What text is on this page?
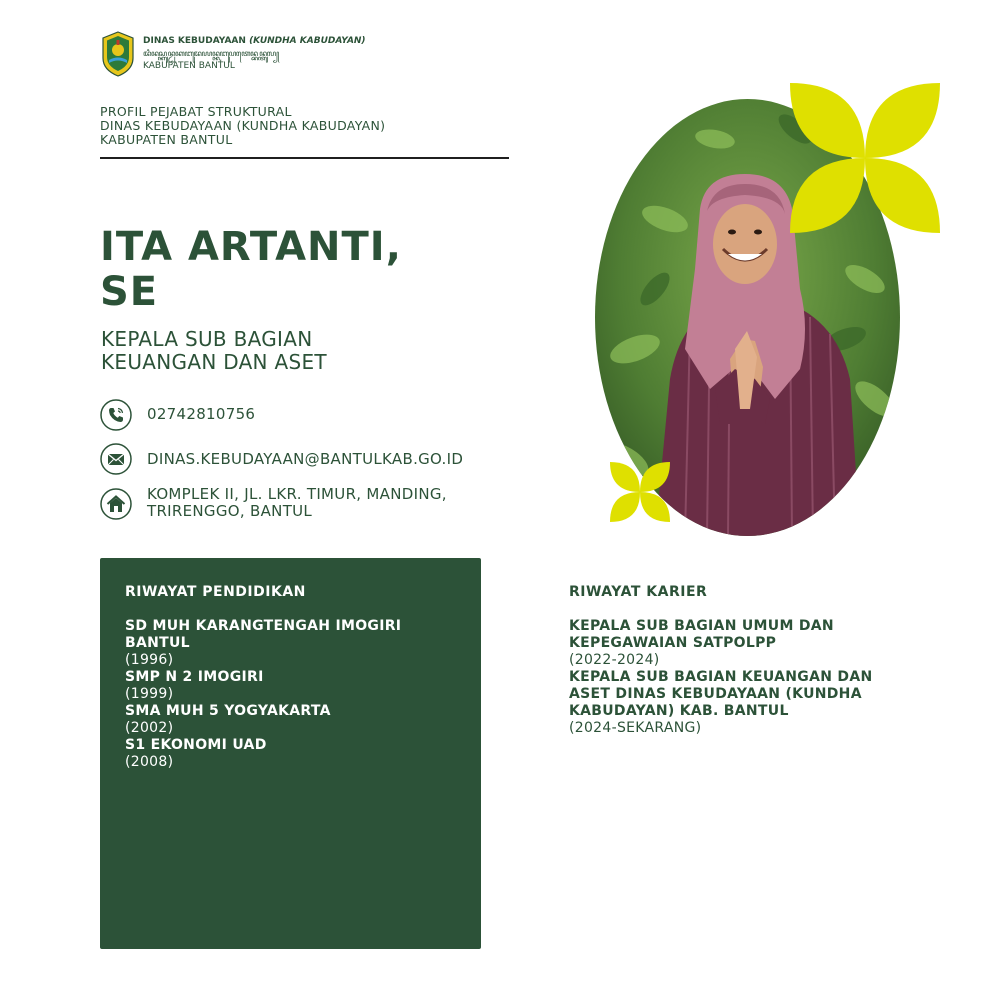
DINAS KEBUDAYAAN (KUNDHA KABUDAYAN)
ꦢꦶꦤꦱ꧀ꦏꦸꦤ꧀ꦝꦏꦧꦸꦢꦪꦤ꧀ꦏꦧꦸꦥꦠꦺꦤ꧀ꦧꦤ꧀ꦠꦸꦭ꧀
KABUPATEN BANTUL
PROFIL PEJABAT STRUKTURAL
DINAS KEBUDAYAAN (KUNDHA KABUDAYAN)
KABUPATEN BANTUL
ITA ARTANTI,
SE
KEPALA SUB BAGIAN
KEUANGAN DAN ASET
02742810756
DINAS.KEBUDAYAAN@BANTULKAB.GO.ID
KOMPLEK II, JL. LKR. TIMUR, MANDING,
TRIRENGGO, BANTUL
RIWAYAT PENDIDIKAN
SD MUH KARANGTENGAH IMOGIRI BANTUL
(1996)
SMP N 2 IMOGIRI
(1999)
SMA MUH 5 YOGYAKARTA
(2002)
S1 EKONOMI UAD
(2008)
RIWAYAT KARIER
KEPALA SUB BAGIAN UMUM DAN KEPEGAWAIAN SATPOLPP
(2022-2024)
KEPALA SUB BAGIAN KEUANGAN DAN ASET DINAS KEBUDAYAAN (KUNDHA KABUDAYAN) KAB. BANTUL
(2024-SEKARANG)
